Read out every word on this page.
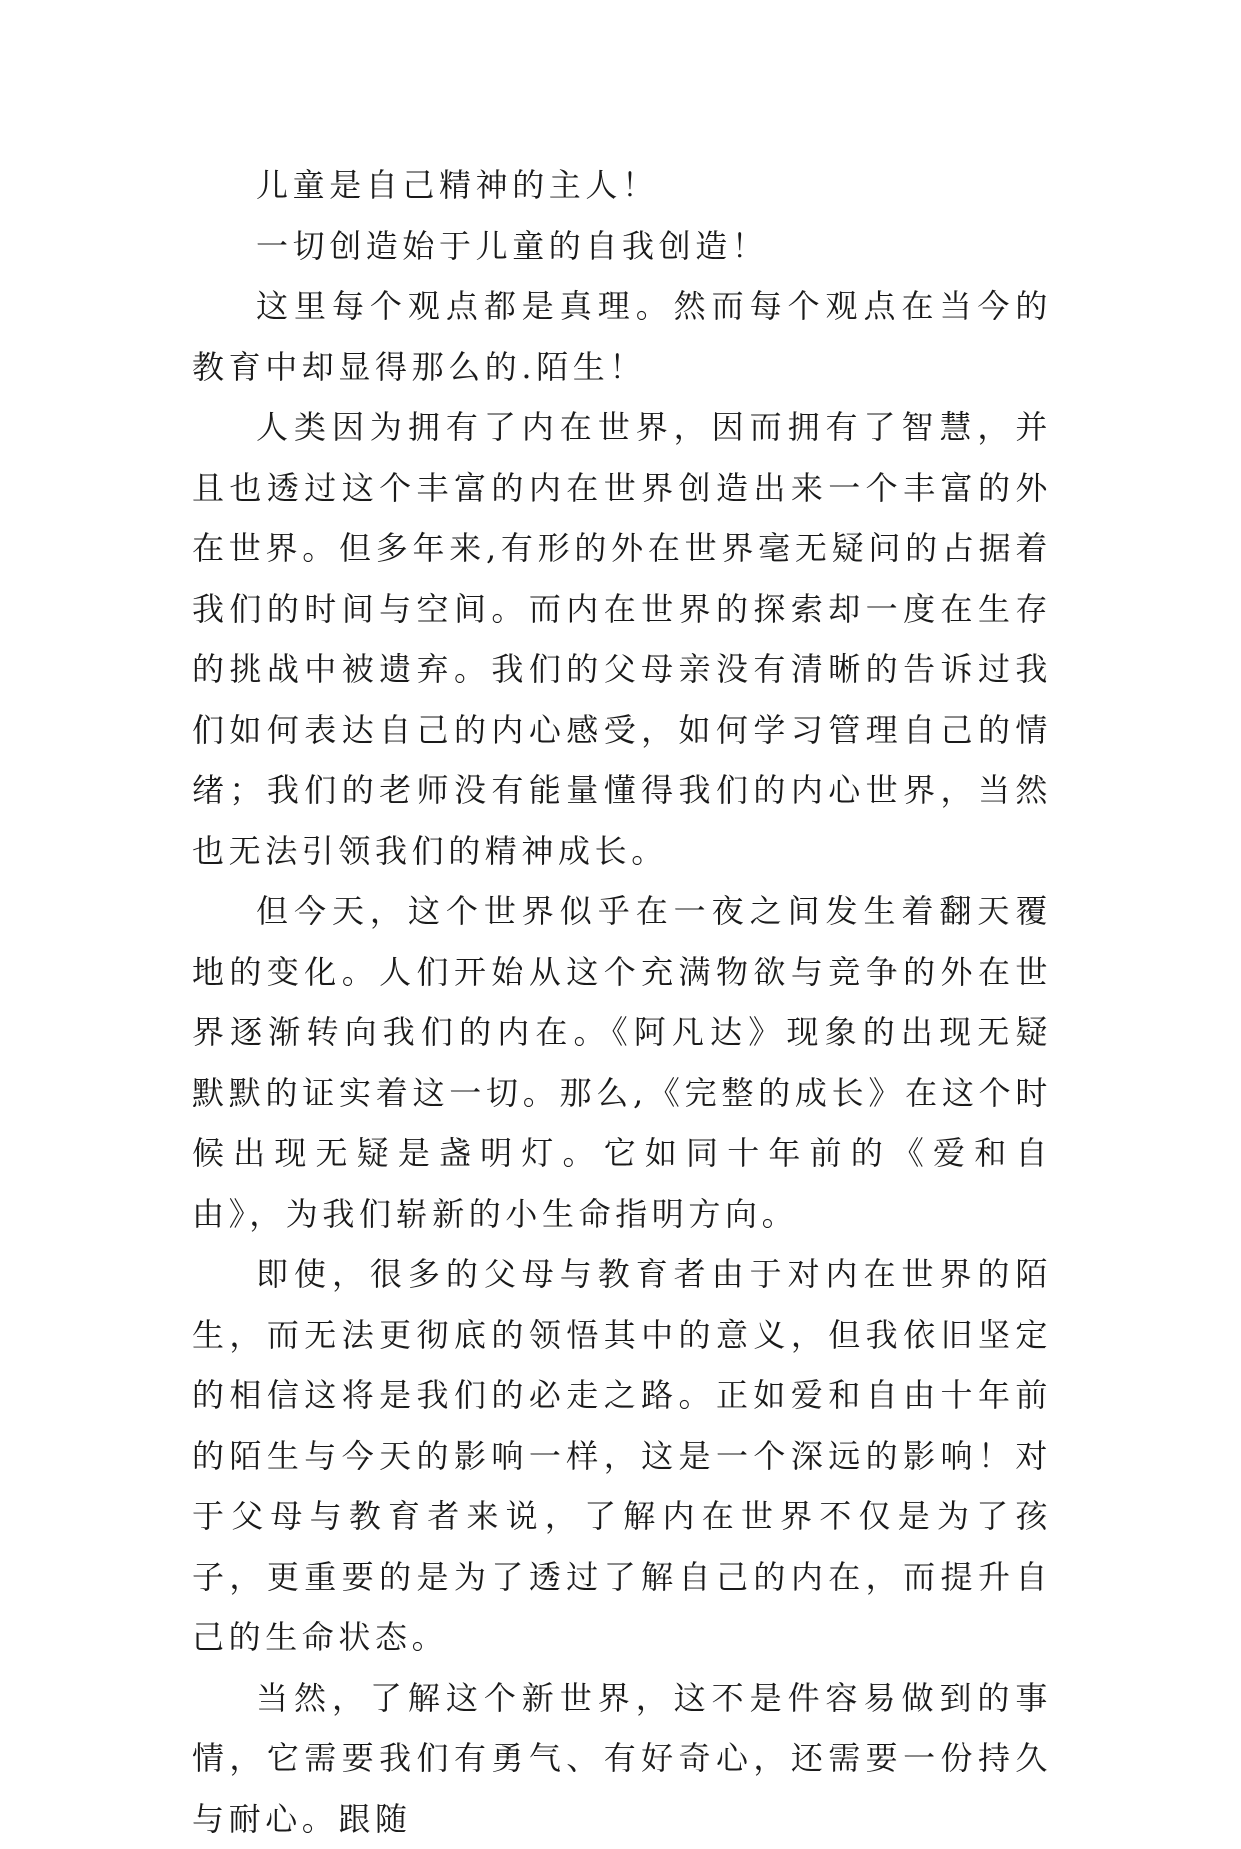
儿童是自己精神的主人！

一切创造始于儿童的自我创造！

这里每个观点都是真理。然而每个观点在当今的教育中却显得那么的.陌生！

人类因为拥有了内在世界，因而拥有了智慧，并且也透过这个丰富的内在世界创造出来一个丰富的外在世界。但多年来,有形的外在世界毫无疑问的占据着我们的时间与空间。而内在世界的探索却一度在生存的挑战中被遗弃。我们的父母亲没有清晰的告诉过我们如何表达自己的内心感受，如何学习管理自己的情绪；我们的老师没有能量懂得我们的内心世界，当然也无法引领我们的精神成长。

但今天，这个世界似乎在一夜之间发生着翻天覆地的变化。人们开始从这个充满物欲与竞争的外在世界逐渐转向我们的内在。《阿凡达》现象的出现无疑默默的证实着这一切。那么,《完整的成长》在这个时候出现无疑是盏明灯。它如同十年前的《爱和自由》，为我们崭新的小生命指明方向。

即使，很多的父母与教育者由于对内在世界的陌生，而无法更彻底的领悟其中的意义，但我依旧坚定的相信这将是我们的必走之路。正如爱和自由十年前的陌生与今天的影响一样，这是一个深远的影响！对于父母与教育者来说，了解内在世界不仅是为了孩子，更重要的是为了透过了解自己的内在，而提升自己的生命状态。

当然，了解这个新世界，这不是件容易做到的事情，它需要我们有勇气、有好奇心，还需要一份持久与耐心。跟随
